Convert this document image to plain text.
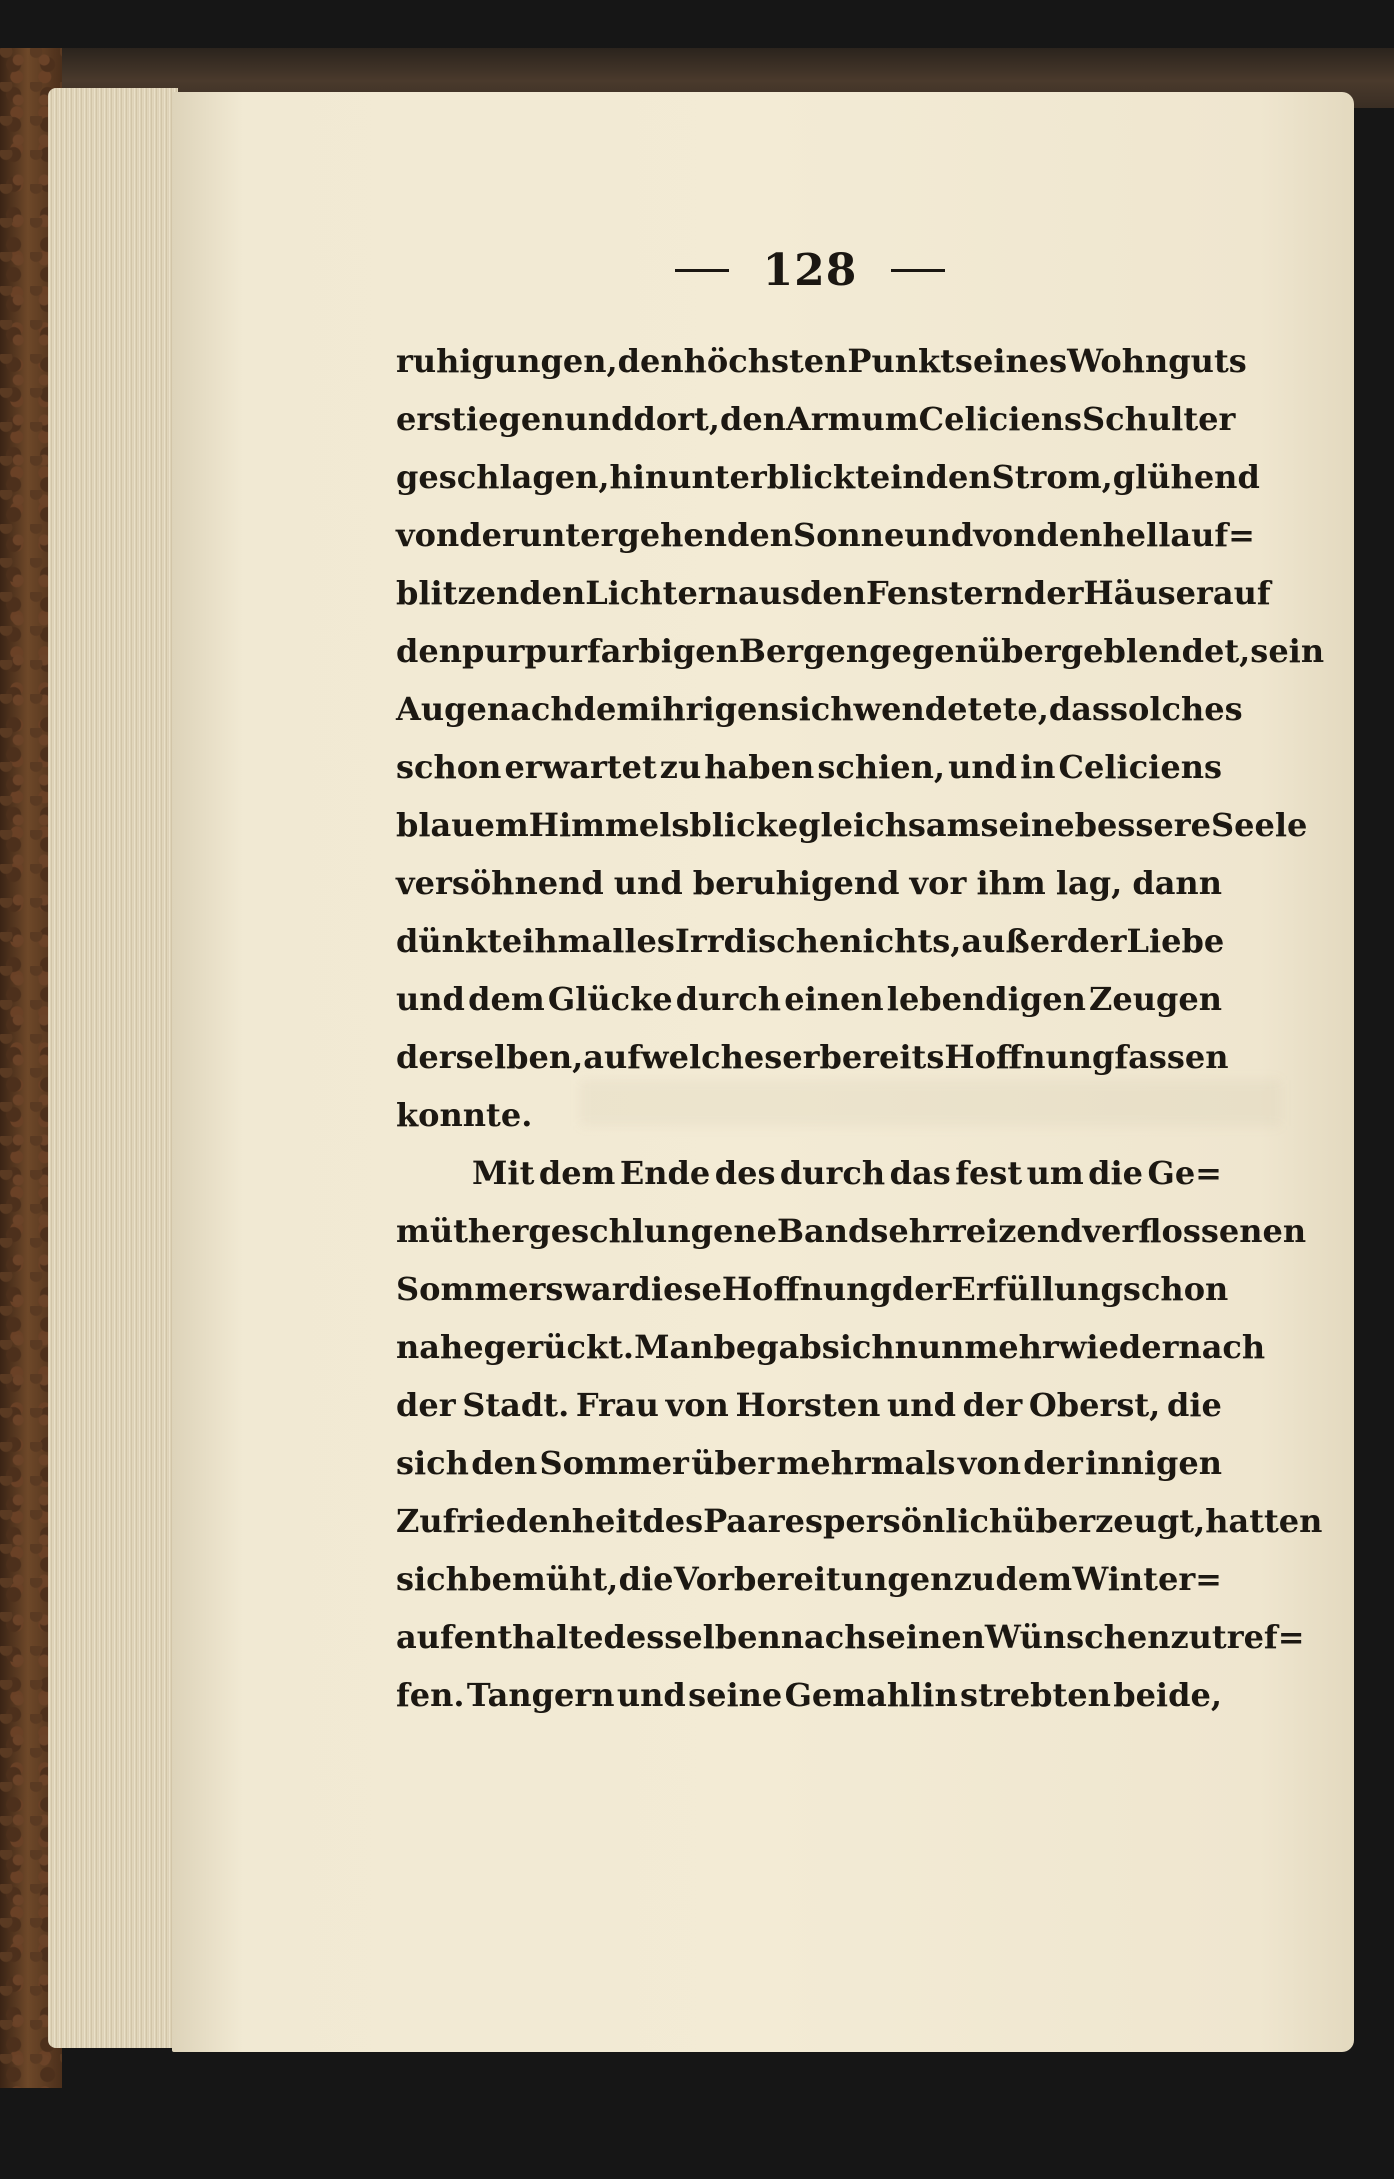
128
ruhigungen, den höchsten Punkt seines Wohnguts
erstiegen und dort, den Arm um Celiciens Schulter
geschlagen, hinunterblickte in den Strom, glühend
von der untergehenden Sonne und von den hellauf=
blitzenden Lichtern aus den Fenstern der Häuser auf
den purpurfarbigen Bergen gegenüber geblendet, sein
Auge nach dem ihrigen sich wendetete, das solches
schon erwartet zu haben schien, und in Celiciens
blauem Himmelsblicke gleichsam seine bessere Seele
versöhnend und beruhigend vor ihm lag, dann
dünkte ihm alles Irrdische nichts, außer der Liebe
und dem Glücke durch einen lebendigen Zeugen
derselben, auf welches er bereits Hoffnung fassen
konnte.
Mit dem Ende des durch das fest um die Ge=
müther geschlungene Band sehr reizend verflossenen
Sommers war diese Hoffnung der Erfüllung schon
nahe gerückt. Man begab sich nunmehr wieder nach
der Stadt. Frau von Horsten und der Oberst, die
sich den Sommer über mehrmals von der innigen
Zufriedenheit des Paares persönlich überzeugt, hatten
sich bemüht, die Vorbereitungen zu dem Winter=
aufenthalte desselben nach seinen Wünschen zu tref=
fen. Tangern und seine Gemahlin strebten beide,
